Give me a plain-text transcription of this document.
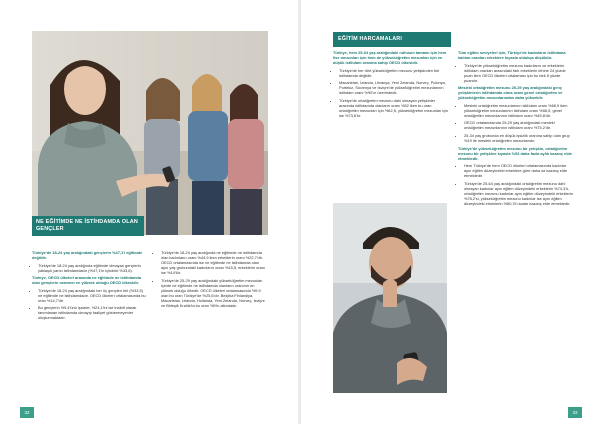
NE EĞİTİMDE NE İSTİHDAMDA OLAN GENÇLER

Türkiye'de 18-24 yaş aralığındaki gençlerin %47,1'i eğitimde değildir.

• Türkiye'de 18-24 yaş aralığında eğitimde olmayan gençlerin yaklaşık yarısı istihdamdadır (%47,1'in içindeki %33,6).

Türkiye, OECD ülkeleri arasında ne eğitimde ne istihdamda olan gençlerin oranının en yüksek olduğu OECD ülkesidir.

• Türkiye'de 18-24 yaş aralığındaki her üç gençten biri (%33,5) ne eğitimde ne istihdamdadır. OECD ülkeleri ortalamasında bu oran %14,7'dir.
• Bu gençlerin %9,4'ünü işsizler, %24,1'ini ise inaktif olarak tanımlanan istihdamda olmayıp faaliyet göstermeyenler oluşturmaktadır.
• Türkiye'de 18-24 yaş aralığında ne eğitimde ne istihdamda olan kadınların oranı %44,9 iken erkeklerin oranı %22,7'dir. OECD ortalamasında ise ne eğitimde ne istihdamda olan aynı yaş grubundaki kadınların oranı %15,5, erkeklerin oranı ise %14'tür.
• Türkiye'de 25-29 yaş aralığındaki yükseköğretim mezunları içinde ne eğitimde ne istihdamda olanların oranının en yüksek olduğu ülkedir. OECD ülkeleri ortalamasında %9,9 olan bu oran Türkiye'de %25,6'dır. Belçika Finlandiya, Macaristan, İzlanda, Hollanda, Yeni Zelanda, Norveç, İsviçre ve Birleşik Krallık'ta bu oran %5'in altındadır.
32
EĞİTİM HARCAMALARI

Türkiye, hem 25-64 yaş aralığındaki nüfusun tamamı için hem lise mezunları için hem de yükseköğretim mezunları için en düşük istihdam oranına sahip OECD ülkesidir.

• Türkiye'de her dört yükseköğretim mezunu yetişkinden biri istihdamda değildir.
• Macaristan, İzlanda, Litvanya, Yeni Zelanda, Norveç, Polonya, Portekiz, Slovenya ve İsviçre'de yükseköğretim mezunlarının istihdam oranı %90'ın üzerindedir.
• Türkiye'de ortaöğretim mezunu dahi olmayan yetişkinler arasında istihdamda olanların oranı %52 iken bu oran ortaöğretim mezunları için %62,5, yükseköğretim mezunları için ise %73,6'tır.

Tüm eğitim seviyeleri için, Türkiye'de kadınların istihdama katılım oranları erkeklere kıyasla oldukça düşüktür.

• Türkiye'de yükseköğretim mezunu kadınların ve erkeklerin istihdam oranları arasındaki fark erkeklerin lehine 24 yüzde puan iken OECD ülkeleri ortalaması için bu fark 6 yüzde puandır.

Mesleki ortaöğretim mezunu 25-29 yaş aralığındaki genç yetişkinlerin istihdamda olma oranı genel ortaöğretim ve yükseköğretim mezunlarından daha yüksektir.

• Mesleki ortaöğretim mezunlarının istihdam oranı %68,9 iken yükseköğretim mezunlarının istihdam oranı %56,5, genel ortaöğretim mezunlarının istihdam oranı %45,8'dir.
• OECD ortalamasında 25-29 yaş aralığındaki mesleki ortaöğretim mezunlarının istihdam oranı %75,2'dir.
• 25-34 yaş grubunda en düşük işsizlik oranına sahip olan grup %19 ile mesleki ortaöğretim mezunlarıdır.

Türkiye'de yükseköğretim mezunu bir yetişkin, ortaöğretim mezunu bir yetişkine kıyasla %53 daha fazla aylık kazanç elde etmektedir.

• Hem Türkiye'de hem OECD ülkeleri ortalamasında kadınlar aynı eğitim düzeyindeki erkeklere göre daha az kazanç elde etmektedir.
• Türkiye'de 25-64 yaş aralığındaki ortaöğretim mezunu dahi olmayan kadınlar aynı eğitim düzeyindeki erkeklerin %74,3'ü, ortaöğretim mezunu kadınlar aynı eğitim düzeyindeki erkeklerin %78,2'si, yükseköğretim mezunu kadınlar ise aynı eğitim düzeyindeki erkeklerin %80,3'ü kadar kazanç elde etmektedir.
33
